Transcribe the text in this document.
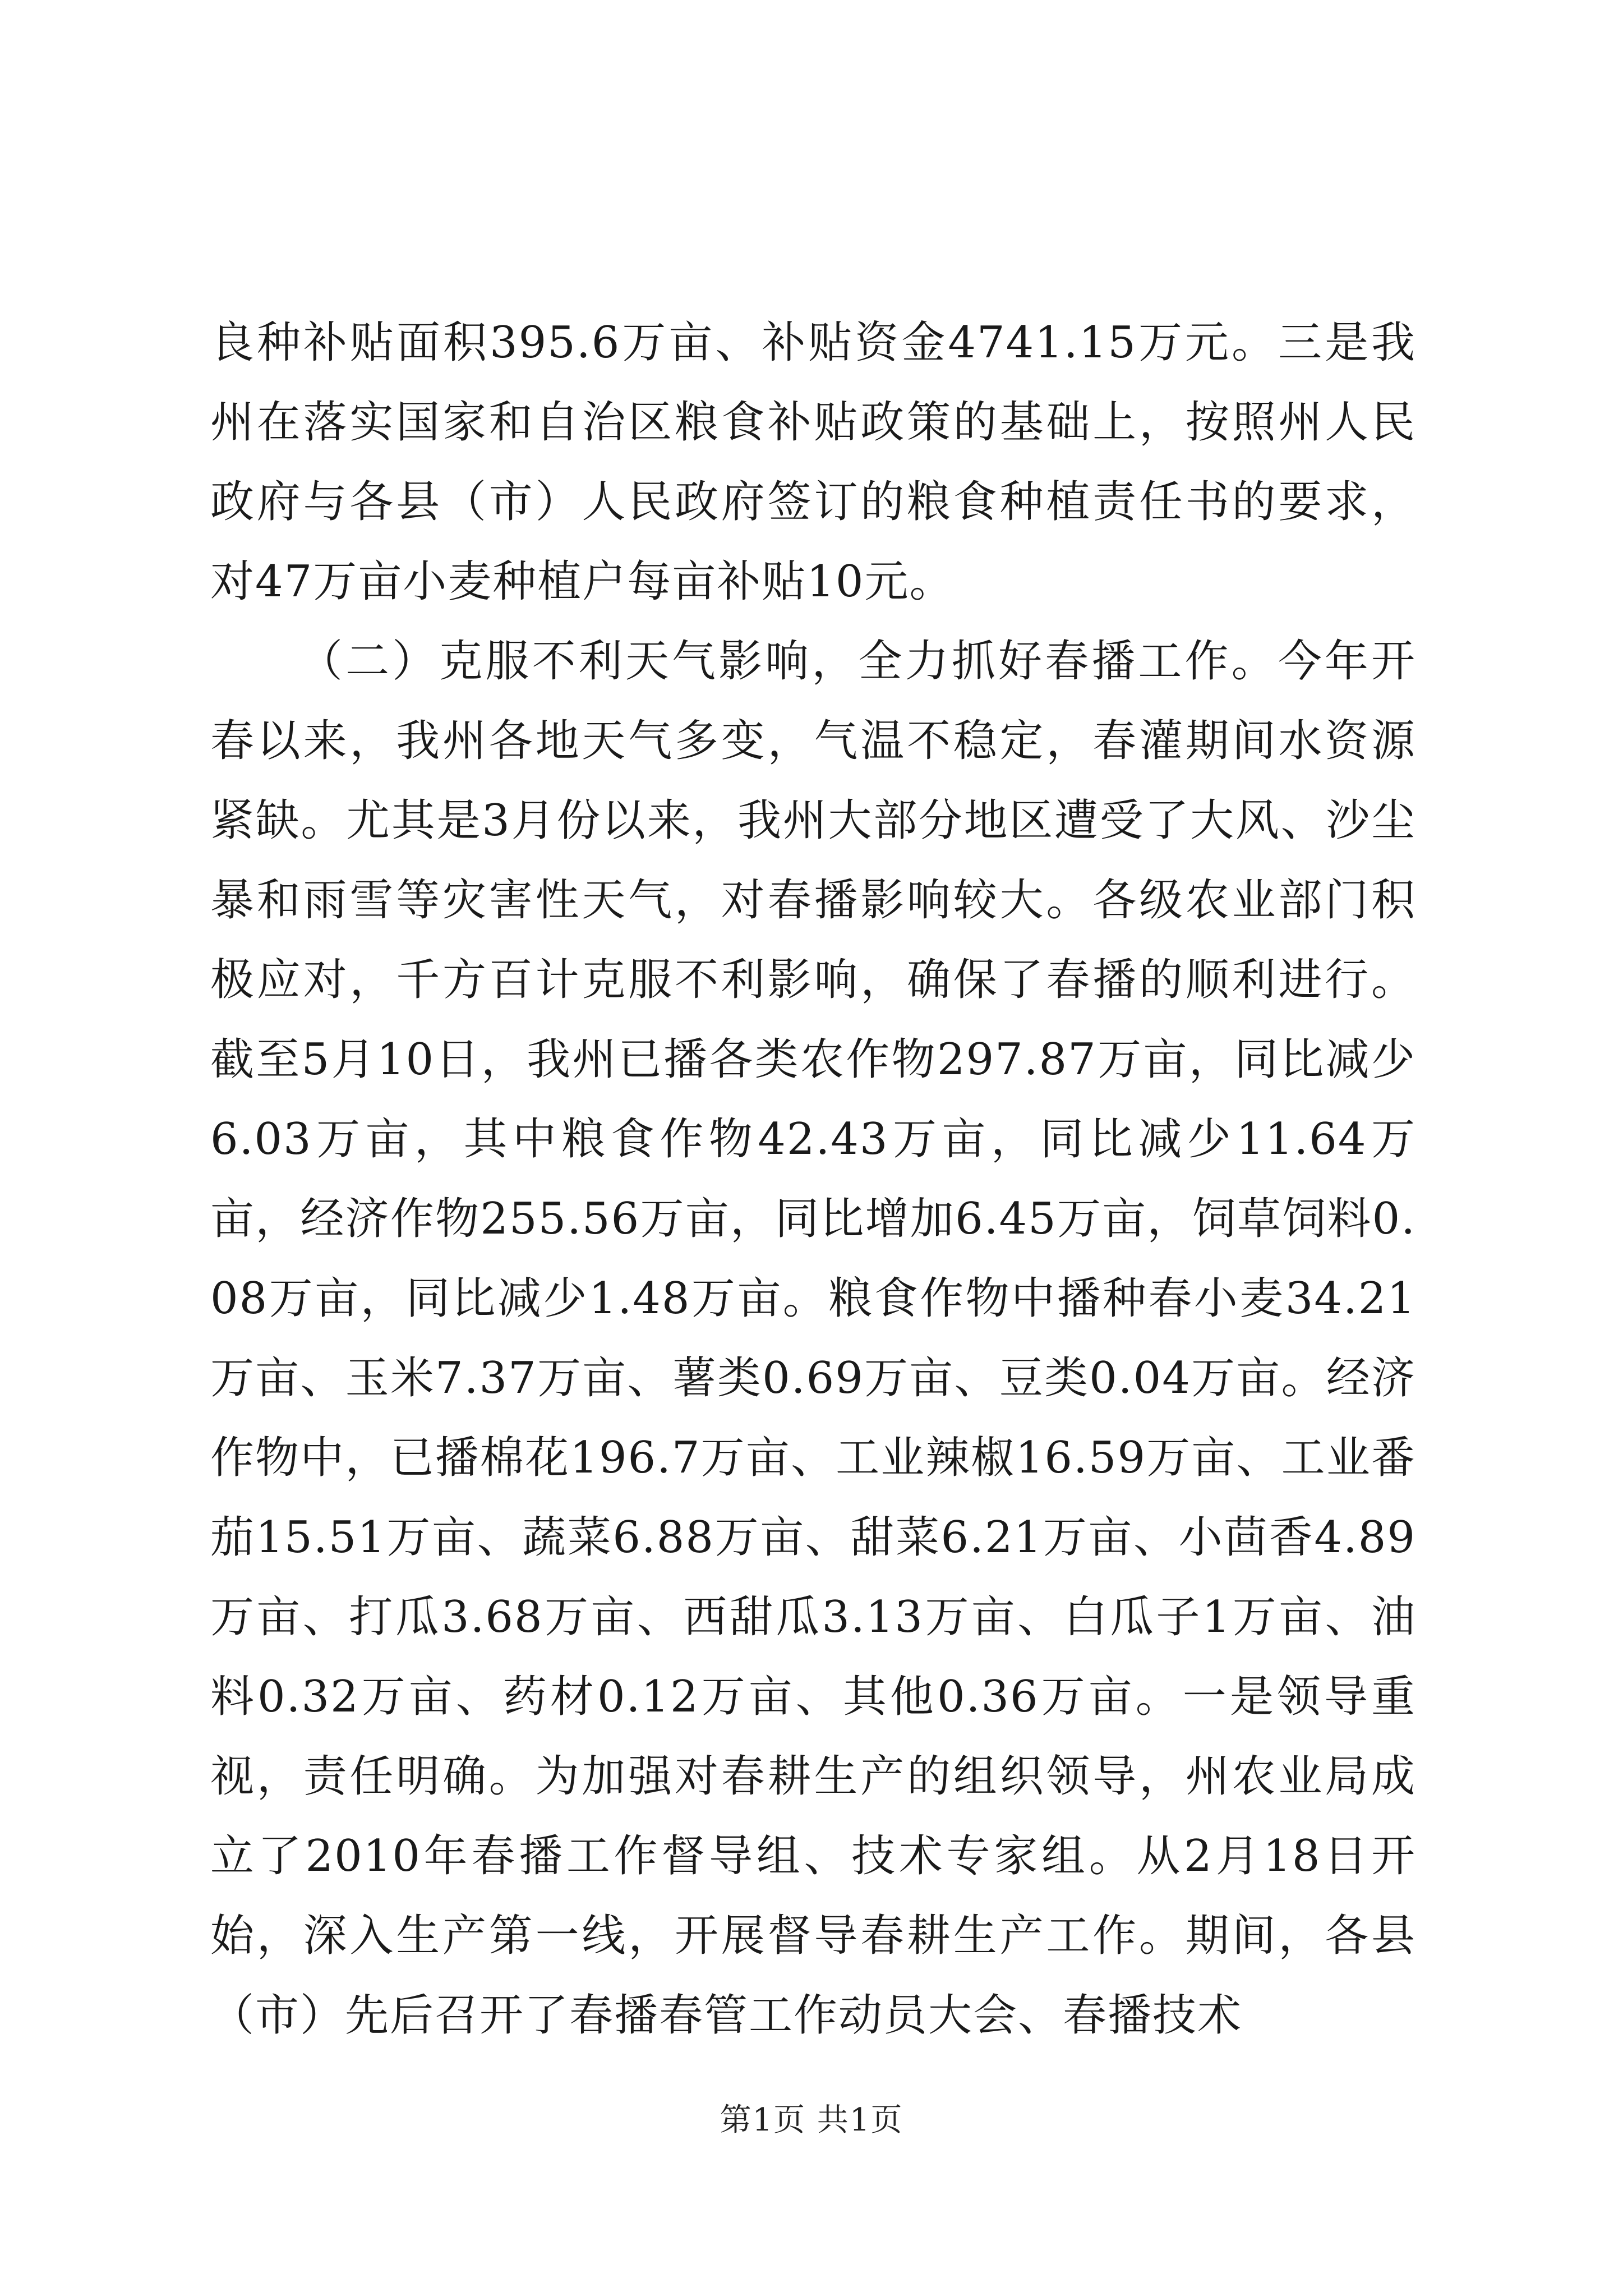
良种补贴面积395.6万亩、补贴资金4741.15万元。三是我州在落实国家和自治区粮食补贴政策的基础上，按照州人民政府与各县（市）人民政府签订的粮食种植责任书的要求，对47万亩小麦种植户每亩补贴10元。

（二）克服不利天气影响，全力抓好春播工作。今年开春以来，我州各地天气多变，气温不稳定，春灌期间水资源紧缺。尤其是3月份以来，我州大部分地区遭受了大风、沙尘暴和雨雪等灾害性天气，对春播影响较大。各级农业部门积极应对，千方百计克服不利影响，确保了春播的顺利进行。截至5月10日，我州已播各类农作物297.87万亩，同比减少6.03万亩，其中粮食作物42.43万亩，同比减少11.64万亩，经济作物255.56万亩，同比增加6.45万亩，饲草饲料0.08万亩，同比减少1.48万亩。粮食作物中播种春小麦34.21万亩、玉米7.37万亩、薯类0.69万亩、豆类0.04万亩。经济作物中，已播棉花196.7万亩、工业辣椒16.59万亩、工业番茄15.51万亩、蔬菜6.88万亩、甜菜6.21万亩、小茴香4.89万亩、打瓜3.68万亩、西甜瓜3.13万亩、白瓜子1万亩、油料0.32万亩、药材0.12万亩、其他0.36万亩。一是领导重视，责任明确。为加强对春耕生产的组织领导，州农业局成立了2010年春播工作督导组、技术专家组。从2月18日开始，深入生产第一线，开展督导春耕生产工作。期间，各县（市）先后召开了春播春管工作动员大会、春播技术

第1页 共1页
